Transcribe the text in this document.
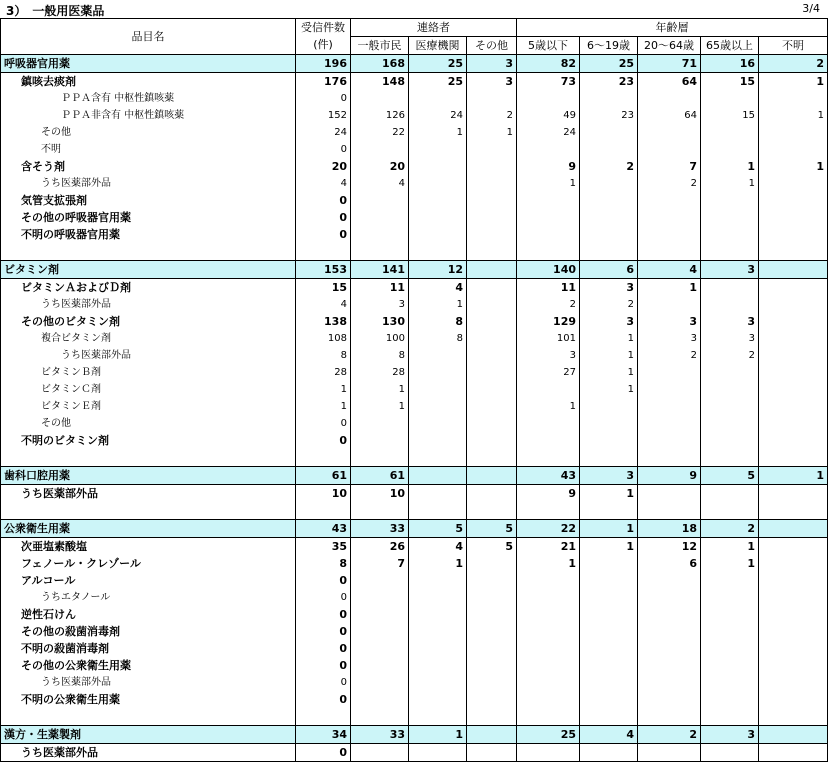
3）　一般用医薬品	3/4
品目名	受信件数	連絡者			年齢層				
	(件)	一般市民	医療機関	その他	5歳以下	6～19歳	20～64歳	65歳以上	不明
呼吸器官用薬	196	168	25	3	82	25	71	16	2
鎮咳去痰剤	176	148	25	3	73	23	64	15	1
ＰＰＡ含有 中枢性鎮咳薬	0								
ＰＰＡ非含有 中枢性鎮咳薬	152	126	24	2	49	23	64	15	1
その他	24	22	1	1	24				
不明	0								
含そう剤	20	20			9	2	7	1	1
うち医薬部外品	4	4			1		2	1	
気管支拡張剤	0								
その他の呼吸器官用薬	0								
不明の呼吸器官用薬	0								

ビタミン剤	153	141	12		140	6	4	3	
ビタミンＡおよびＤ剤	15	11	4		11	3	1		
うち医薬部外品	4	3	1		2	2			
その他のビタミン剤	138	130	8		129	3	3	3	
複合ビタミン剤	108	100	8		101	1	3	3	
うち医薬部外品	8	8			3	1	2	2	
ビタミンＢ剤	28	28			27	1			
ビタミンＣ剤	1	1				1			
ビタミンＥ剤	1	1			1				
その他	0								
不明のビタミン剤	0								

歯科口腔用薬	61	61			43	3	9	5	1
うち医薬部外品	10	10			9	1			

公衆衛生用薬	43	33	5	5	22	1	18	2	
次亜塩素酸塩	35	26	4	5	21	1	12	1	
フェノール・クレゾール	8	7	1		1		6	1	
アルコール	0								
うちエタノール	0								
逆性石けん	0								
その他の殺菌消毒剤	0								
不明の殺菌消毒剤	0								
その他の公衆衛生用薬	0								
うち医薬部外品	0								
不明の公衆衛生用薬	0								

漢方・生薬製剤	34	33	1		25	4	2	3	
うち医薬部外品	0								
